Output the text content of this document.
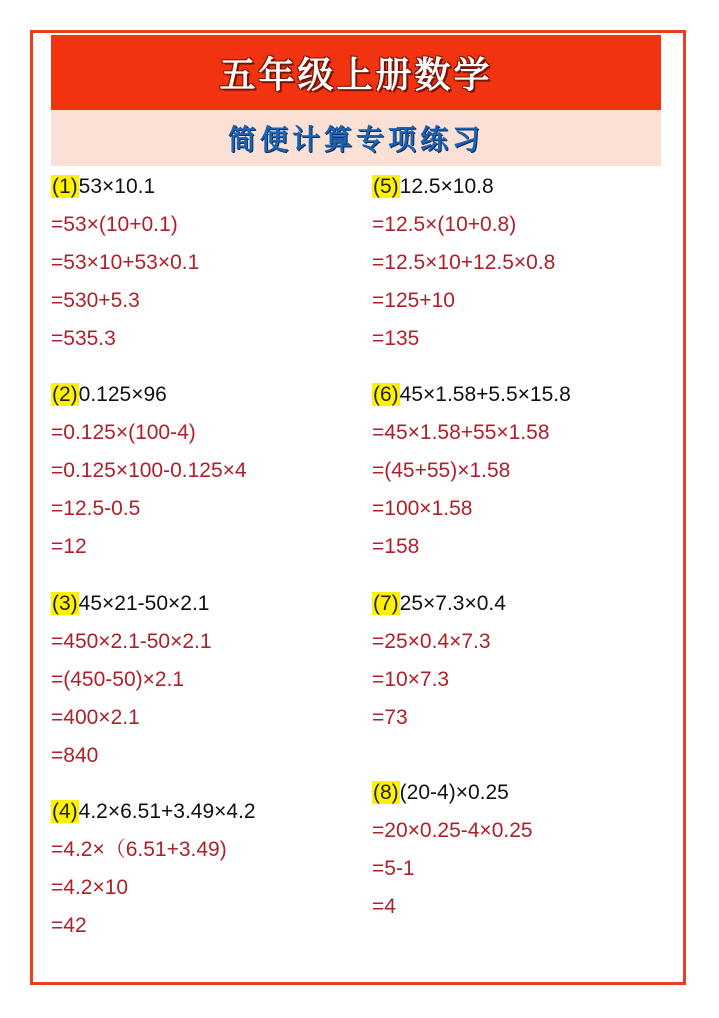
五年级上册数学
简便计算专项练习
(1)53×10.1
=53×(10+0.1)
=53×10+53×0.1
=530+5.3
=535.3
(2)0.125×96
=0.125×(100-4)
=0.125×100-0.125×4
=12.5-0.5
=12
(3)45×21-50×2.1
=450×2.1-50×2.1
=(450-50)×2.1
=400×2.1
=840
(4)4.2×6.51+3.49×4.2
=4.2×（6.51+3.49)
=4.2×10
=42
(5)12.5×10.8
=12.5×(10+0.8)
=12.5×10+12.5×0.8
=125+10
=135
(6)45×1.58+5.5×15.8
=45×1.58+55×1.58
=(45+55)×1.58
=100×1.58
=158
(7)25×7.3×0.4
=25×0.4×7.3
=10×7.3
=73
(8)(20-4)×0.25
=20×0.25-4×0.25
=5-1
=4
